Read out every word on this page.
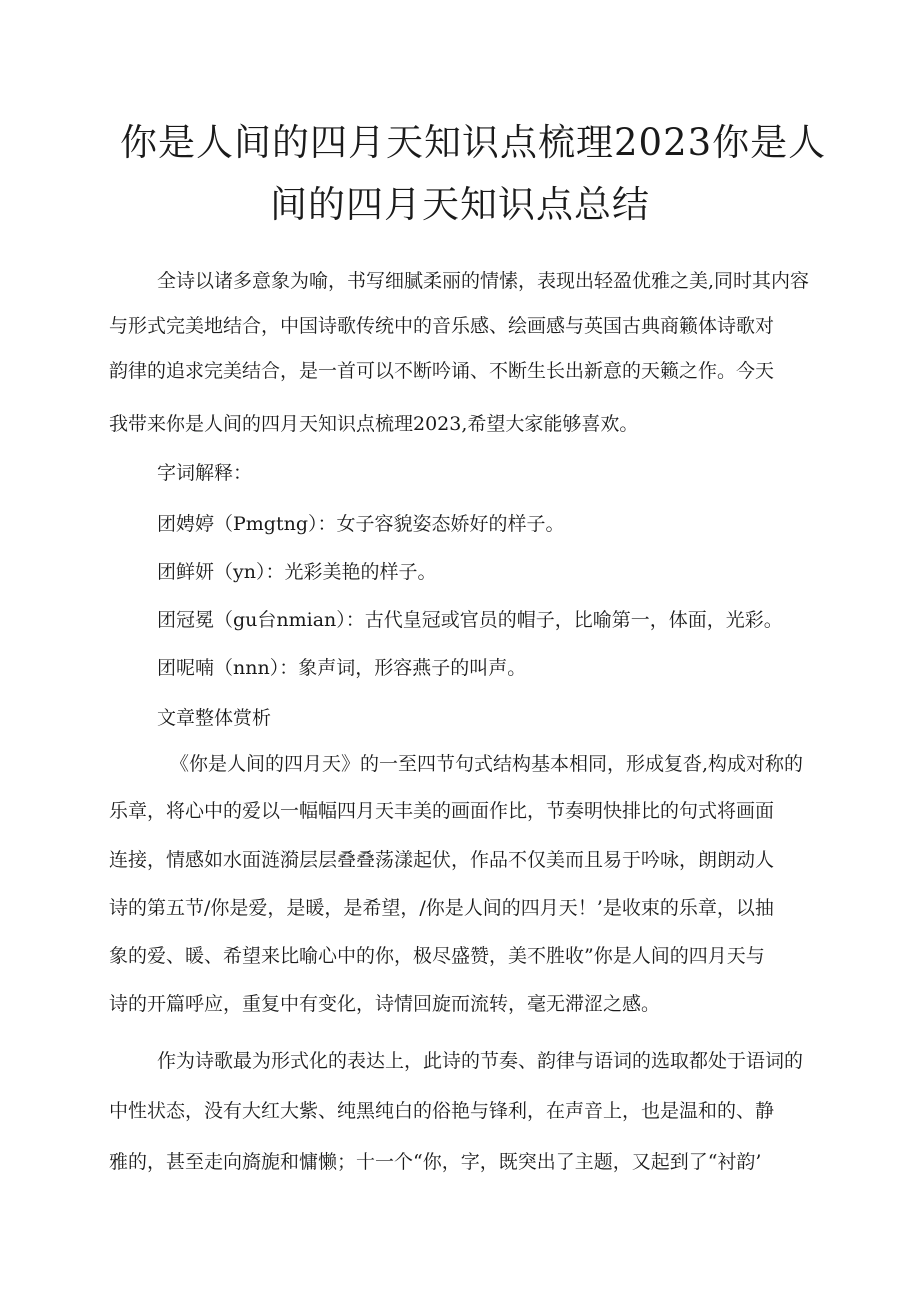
你是人间的四月天知识点梳理2023你是人
间的四月天知识点总结
全诗以诸多意象为喻，书写细腻柔丽的情愫，表现出轻盈优雅之美,同时其内容
与形式完美地结合，中国诗歌传统中的音乐感、绘画感与英国古典商籁体诗歌对
韵律的追求完美结合，是一首可以不断吟诵、不断生长出新意的天籁之作。今天
我带来你是人间的四月天知识点梳理2023,希望大家能够喜欢。
字词解释：
团娉婷（Pmgtng）：女子容貌姿态娇好的样子。
团鲜妍（yn）：光彩美艳的样子。
团冠冕（gu台nmian）：古代皇冠或官员的帽子，比喻第一，体面，光彩。
团呢喃（nnn）：象声词，形容燕子的叫声。
文章整体赏析
《你是人间的四月天》的一至四节句式结构基本相同，形成复沓,构成对称的
乐章，将心中的爱以一幅幅四月天丰美的画面作比，节奏明快排比的句式将画面
连接，情感如水面涟漪层层叠叠荡漾起伏，作品不仅美而且易于吟咏，朗朗动人
诗的第五节/你是爱，是暖，是希望，/你是人间的四月天！’是收束的乐章，以抽
象的爱、暖、希望来比喻心中的你，极尽盛赞，美不胜收”你是人间的四月天与
诗的开篇呼应，重复中有变化，诗情回旋而流转，毫无滞涩之感。
作为诗歌最为形式化的表达上，此诗的节奏、韵律与语词的选取都处于语词的
中性状态，没有大红大紫、纯黑纯白的俗艳与锋利，在声音上，也是温和的、静
雅的，甚至走向旖旎和慵懒；十一个“你，字，既突出了主题，又起到了“衬韵’
